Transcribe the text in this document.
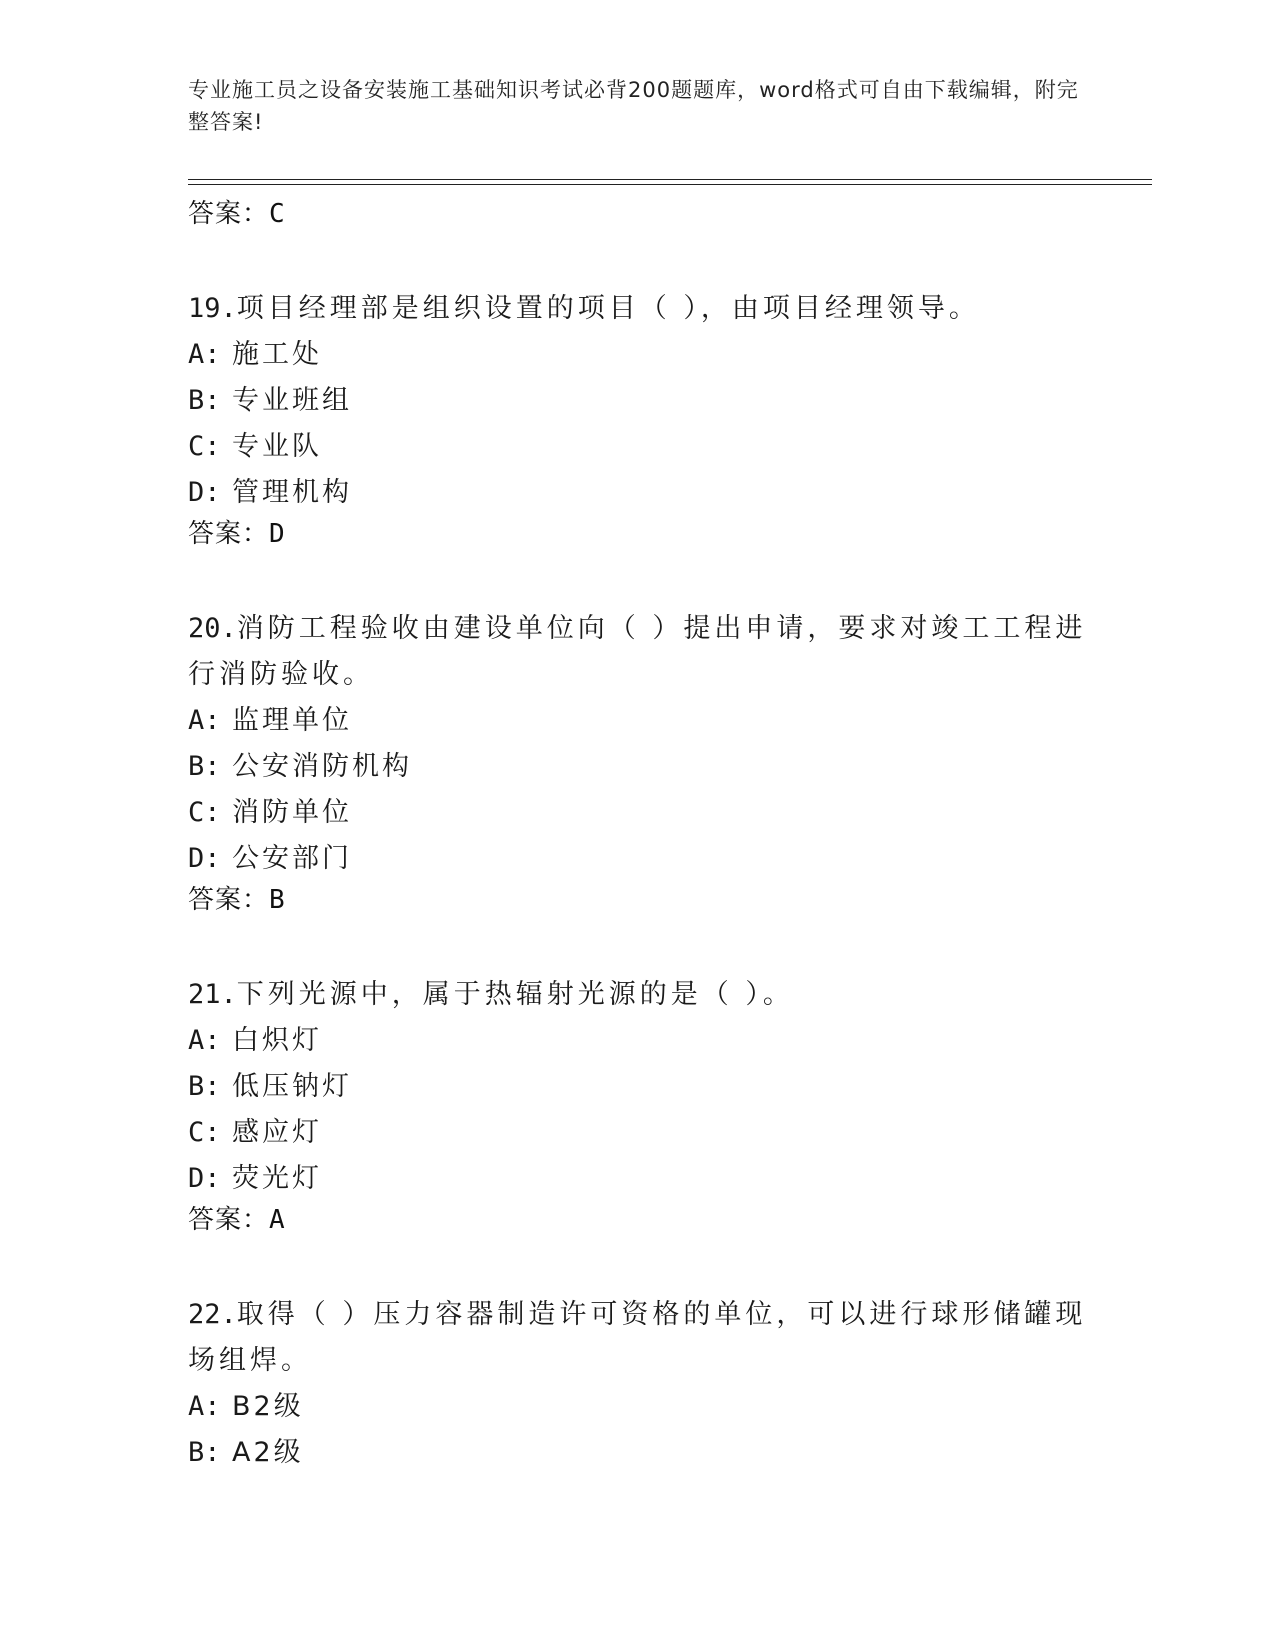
专业施工员之设备安装施工基础知识考试必背200题题库，word格式可自由下载编辑，附完整答案!
答案：C
19.项目经理部是组织设置的项目（ ），由项目经理领导。
A: 施工处
B: 专业班组
C: 专业队
D: 管理机构
答案：D
20.消防工程验收由建设单位向（ ）提出申请，要求对竣工工程进行消防验收。
A: 监理单位
B: 公安消防机构
C: 消防单位
D: 公安部门
答案：B
21.下列光源中，属于热辐射光源的是（ ）。
A: 白炽灯
B: 低压钠灯
C: 感应灯
D: 荧光灯
答案：A
22.取得（ ）压力容器制造许可资格的单位，可以进行球形储罐现场组焊。
A: B2级
B: A2级
